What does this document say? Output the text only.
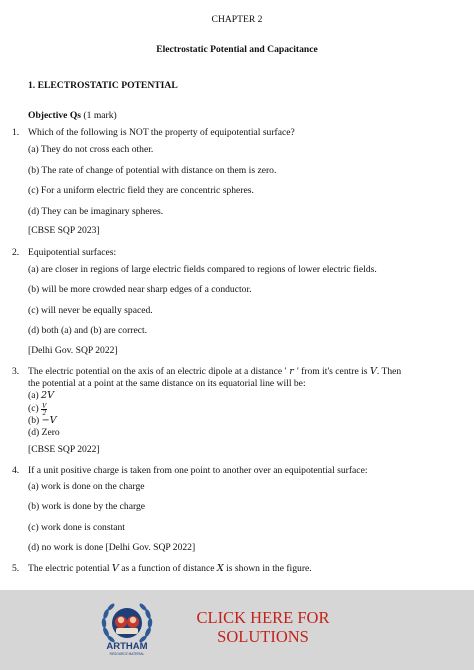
CHAPTER 2
Electrostatic Potential and Capacitance
1. ELECTROSTATIC POTENTIAL
Objective Qs (1 mark)
1. Which of the following is NOT the property of equipotential surface?
(a) They do not cross each other.
(b) The rate of change of potential with distance on them is zero.
(c) For a uniform electric field they are concentric spheres.
(d) They can be imaginary spheres.
[CBSE SQP 2023]
2. Equipotential surfaces:
(a) are closer in regions of large electric fields compared to regions of lower electric fields.
(b) will be more crowded near sharp edges of a conductor.
(c) will never be equally spaced.
(d) both (a) and (b) are correct.
[Delhi Gov. SQP 2022]
3. The electric potential on the axis of an electric dipole at a distance ' r ' from it's centre is V. Then
the potential at a point at the same distance on its equatorial line will be:
(a) 2V
$(c) \frac{V}{2}$
(b) −V
(d) Zero
[CBSE SQP 2022]
4. If a unit positive charge is taken from one point to another over an equipotential surface:
(a) work is done on the charge
(b) work is done by the charge
(c) work done is constant
(d) no work is done [Delhi Gov. SQP 2022]
5. The electric potential V as a function of distance X is shown in the figure.
ARTHAM
RESOURCE MATERIAL
CLICK HERE FOR
SOLUTIONS
